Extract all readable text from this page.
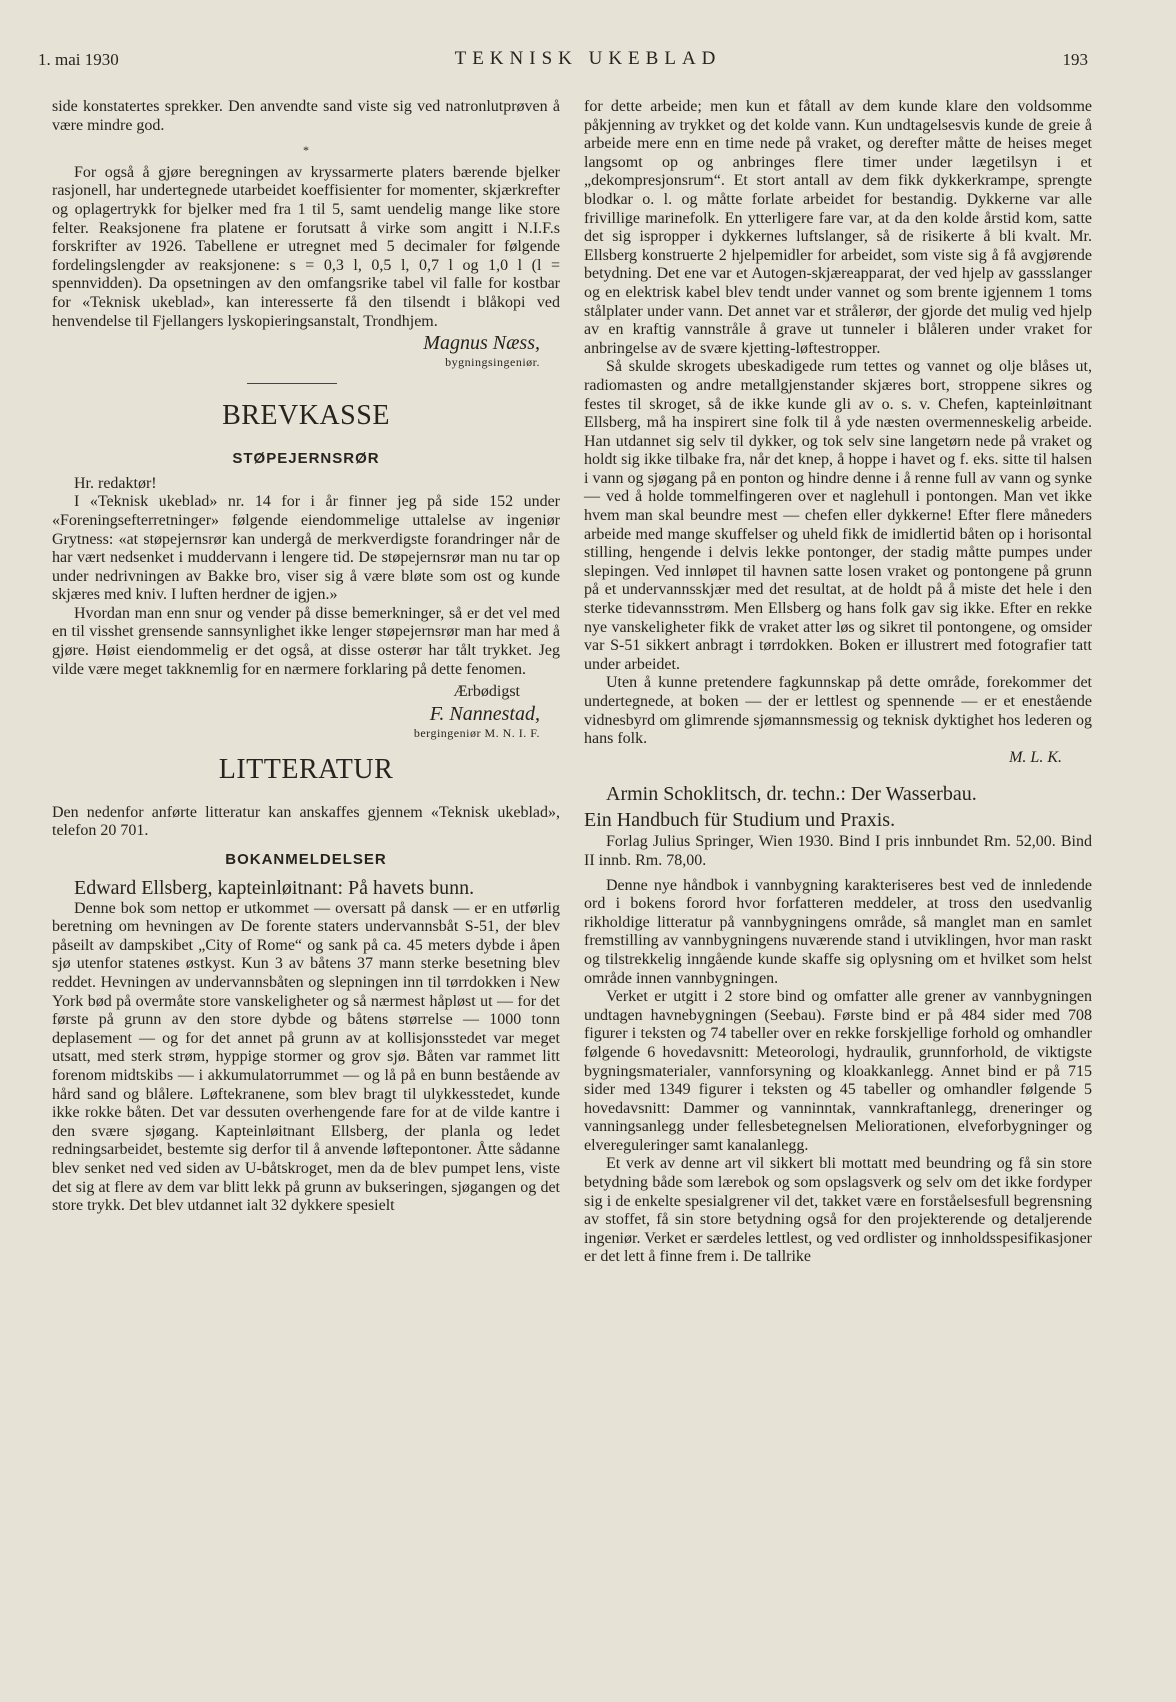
1. mai 1930	TEKNISK UKEBLAD	193

side konstatertes sprekker. Den anvendte sand viste sig ved natronlutprøven å være mindre god.

*

For også å gjøre beregningen av kryssarmerte platers bærende bjelker rasjonell, har undertegnede utarbeidet koeffisienter for momenter, skjærkrefter og oplagertrykk for bjelker med fra 1 til 5, samt uendelig mange like store felter. Reaksjonene fra platene er forutsatt å virke som angitt i N.I.F.s forskrifter av 1926. Tabellene er utregnet med 5 decimaler for følgende fordelingslengder av reaksjonene: s = 0,3 l, 0,5 l, 0,7 l og 1,0 l (l = spennvidden). Da opsetningen av den omfangsrike tabel vil falle for kostbar for «Teknisk ukeblad», kan interesserte få den tilsendt i blåkopi ved henvendelse til Fjellangers lyskopieringsanstalt, Trondhjem.

Magnus Næss,
bygningsingeniør.
BREVKASSE
STØPEJERNSRØR

Hr. redaktør!

I «Teknisk ukeblad» nr. 14 for i år finner jeg på side 152 under «Foreningsefterretninger» følgende eiendommelige uttalelse av ingeniør Grytness: «at støpejernsrør kan undergå de merkverdigste forandringer når de har vært nedsenket i muddervann i lengere tid. De støpejernsrør man nu tar op under nedrivningen av Bakke bro, viser sig å være bløte som ost og kunde skjæres med kniv. I luften herdner de igjen.»

Hvordan man enn snur og vender på disse bemerkninger, så er det vel med en til visshet grensende sannsynlighet ikke lenger støpejernsrør man har med å gjøre. Høist eiendommelig er det også, at disse osterør har tålt trykket. Jeg vilde være meget takknemlig for en nærmere forklaring på dette fenomen.

Ærbødigst
F. Nannestad,
bergingeniør M. N. I. F.
LITTERATUR

Den nedenfor anførte litteratur kan anskaffes gjennem «Teknisk ukeblad», telefon 20 701.

BOKANMELDELSER

Edward Ellsberg, kapteinløitnant: På havets bunn.

Denne bok som nettop er utkommet — oversatt på dansk — er en utførlig beretning om hevningen av De forente staters undervannsbåt S-51, der blev påseilt av dampskibet „City of Rome“ og sank på ca. 45 meters dybde i åpen sjø utenfor statenes østkyst. Kun 3 av båtens 37 mann sterke besetning blev reddet. Hevningen av undervannsbåten og slepningen inn til tørrdokken i New York bød på overmåte store vanskeligheter og så nærmest håpløst ut — for det første på grunn av den store dybde og båtens størrelse — 1000 tonn deplasement — og for det annet på grunn av at kollisjonsstedet var meget utsatt, med sterk strøm, hyppige stormer og grov sjø. Båten var rammet litt forenom midtskibs — i akkumulatorrummet — og lå på en bunn bestående av hård sand og blålere. Løftekranene, som blev bragt til ulykkesstedet, kunde ikke rokke båten. Det var dessuten overhengende fare for at de vilde kantre i den svære sjøgang. Kapteinløitnant Ellsberg, der planla og ledet redningsarbeidet, bestemte sig derfor til å anvende løftepontoner. Åtte sådanne blev senket ned ved siden av U-båtskroget, men da de blev pumpet lens, viste det sig at flere av dem var blitt lekk på grunn av bukseringen, sjøgangen og det store trykk. Det blev utdannet ialt 32 dykkere spesielt

for dette arbeide; men kun et fåtall av dem kunde klare den voldsomme påkjenning av trykket og det kolde vann. Kun undtagelsesvis kunde de greie å arbeide mere enn en time nede på vraket, og derefter måtte de heises meget langsomt op og anbringes flere timer under lægetilsyn i et „dekompresjonsrum“. Et stort antall av dem fikk dykkerkrampe, sprengte blodkar o. l. og måtte forlate arbeidet for bestandig. Dykkerne var alle frivillige marinefolk. En ytterligere fare var, at da den kolde årstid kom, satte det sig ispropper i dykkernes luftslanger, så de risikerte å bli kvalt. Mr. Ellsberg konstruerte 2 hjelpemidler for arbeidet, som viste sig å få avgjørende betydning. Det ene var et Autogen-skjæreapparat, der ved hjelp av gassslanger og en elektrisk kabel blev tendt under vannet og som brente igjennem 1 toms stålplater under vann. Det annet var et strålerør, der gjorde det mulig ved hjelp av en kraftig vannstråle å grave ut tunneler i blåleren under vraket for anbringelse av de svære kjetting-løftestropper.

Så skulde skrogets ubeskadigede rum tettes og vannet og olje blåses ut, radiomasten og andre metallgjenstander skjæres bort, stroppene sikres og festes til skroget, så de ikke kunde gli av o. s. v. Chefen, kapteinløitnant Ellsberg, må ha inspirert sine folk til å yde næsten overmenneskelig arbeide. Han utdannet sig selv til dykker, og tok selv sine langetørn nede på vraket og holdt sig ikke tilbake fra, når det knep, å hoppe i havet og f. eks. sitte til halsen i vann og sjøgang på en ponton og hindre denne i å renne full av vann og synke — ved å holde tommelfingeren over et naglehull i pontongen. Man vet ikke hvem man skal beundre mest — chefen eller dykkerne! Efter flere måneders arbeide med mange skuffelser og uheld fikk de imidlertid båten op i horisontal stilling, hengende i delvis lekke pontonger, der stadig måtte pumpes under slepingen. Ved innløpet til havnen satte losen vraket og pontongene på grunn på et undervannsskjær med det resultat, at de holdt på å miste det hele i den sterke tidevannsstrøm. Men Ellsberg og hans folk gav sig ikke. Efter en rekke nye vanskeligheter fikk de vraket atter løs og sikret til pontongene, og omsider var S-51 sikkert anbragt i tørrdokken. Boken er illustrert med fotografier tatt under arbeidet.

Uten å kunne pretendere fagkunnskap på dette område, forekommer det undertegnede, at boken — der er lettlest og spennende — er et enestående vidnesbyrd om glimrende sjømannsmessig og teknisk dyktighet hos lederen og hans folk.

M. L. K.

Armin Schoklitsch, dr. techn.: Der Wasserbau.

Ein Handbuch für Studium und Praxis.

Forlag Julius Springer, Wien 1930. Bind I pris innbundet Rm. 52,00. Bind II innb. Rm. 78,00.

Denne nye håndbok i vannbygning karakteriseres best ved de innledende ord i bokens forord hvor forfatteren meddeler, at tross den usedvanlig rikholdige litteratur på vannbygningens område, så manglet man en samlet fremstilling av vannbygningens nuværende stand i utviklingen, hvor man raskt og tilstrekkelig inngående kunde skaffe sig oplysning om et hvilket som helst område innen vannbygningen.

Verket er utgitt i 2 store bind og omfatter alle grener av vannbygningen undtagen havnebygningen (Seebau). Første bind er på 484 sider med 708 figurer i teksten og 74 tabeller over en rekke forskjellige forhold og omhandler følgende 6 hovedavsnitt: Meteorologi, hydraulik, grunnforhold, de viktigste bygningsmaterialer, vannforsyning og kloakkanlegg. Annet bind er på 715 sider med 1349 figurer i teksten og 45 tabeller og omhandler følgende 5 hovedavsnitt: Dammer og vanninntak, vannkraftanlegg, dreneringer og vanningsanlegg under fellesbetegnelsen Meliorationen, elveforbygninger og elvereguleringer samt kanalanlegg.

Et verk av denne art vil sikkert bli mottatt med beundring og få sin store betydning både som lærebok og som opslagsverk og selv om det ikke fordyper sig i de enkelte spesialgrener vil det, takket være en forståelsesfull begrensning av stoffet, få sin store betydning også for den projekterende og detaljerende ingeniør. Verket er særdeles lettlest, og ved ordlister og innholdsspesifikasjoner er det lett å finne frem i. De tallrike
